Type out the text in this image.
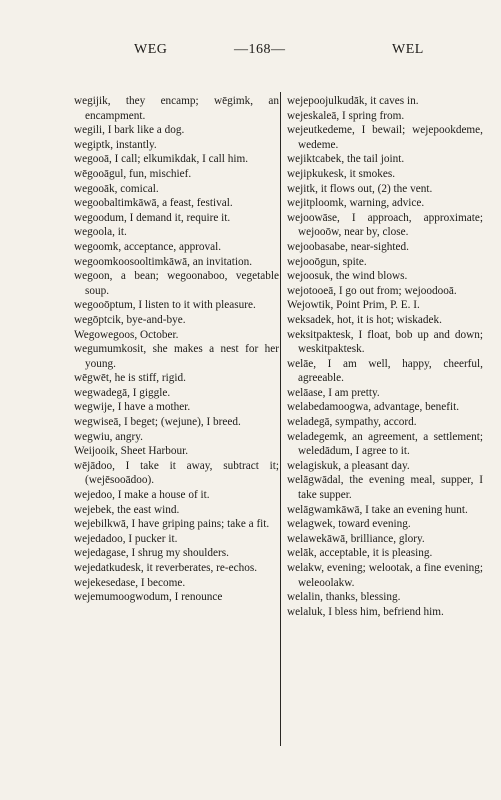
WEG	—168—	WEL
wegijik, they encamp; wēgimk, an encampment.
wegili, I bark like a dog.
wegiptk, instantly.
wegooā, I call; elkumikdak, I call him.
wēgooāgul, fun, mischief.
wegooāk, comical.
wegoobaltimkāwā, a feast, festival.
wegoodum, I demand it, require it.
wegoola, it.
wegoomk, acceptance, approval.
wegoomkoosooltimkāwā, an invitation.
wegoon, a bean; wegoonaboo, vegetable soup.
wegooōptum, I listen to it with pleasure.
wegōptcik, bye-and-bye.
Wegowegoos, October.
wegumumkosit, she makes a nest for her young.
wēgwēt, he is stiff, rigid.
wegwadegā, I giggle.
wegwije, I have a mother.
wegwiseā, I beget; (wejune), I breed.
wegwiu, angry.
Weijooik, Sheet Harbour.
wējādoo, I take it away, subtract it; (wejēsooādoo).
wejedoo, I make a house of it.
wejebek, the east wind.
wejebilkwā, I have griping pains; take a fit.
wejedadoo, I pucker it.
wejedagase, I shrug my shoulders.
wejedatkudesk, it reverberates, re-echos.
wejekesedase, I become.
wejemumoogwodum, I renounce
wejepoojulkudāk, it caves in.
wejeskaleā, I spring from.
wejeutkedeme, I bewail; wejepookdeme, wedeme.
wejiktcabek, the tail joint.
wejipkukesk, it smokes.
wejitk, it flows out, (2) the vent.
wejitploomk, warning, advice.
wejoowāse, I approach, approximate; wejooōw, near by, close.
wejoobasabe, near-sighted.
wejooōgun, spite.
wejoosuk, the wind blows.
wejotooeā, I go out from; wejoodooā.
Wejowtik, Point Prim, P. E. I.
weksadek, hot, it is hot; wiskadek.
weksitpaktesk, I float, bob up and down; weskitpaktesk.
welāe, I am well, happy, cheerful, agreeable.
welāase, I am pretty.
welabedamoogwa, advantage, benefit.
weladegā, sympathy, accord.
weladegemk, an agreement, a settlement; weledādum, I agree to it.
welagiskuk, a pleasant day.
welāgwādal, the evening meal, supper, I take supper.
welāgwamkāwā, I take an evening hunt.
welagwek, toward evening.
welawekāwā, brilliance, glory.
welāk, acceptable, it is pleasing.
welakw, evening; welootak, a fine evening; weleoolakw.
welalin, thanks, blessing.
welaluk, I bless him, befriend him.
